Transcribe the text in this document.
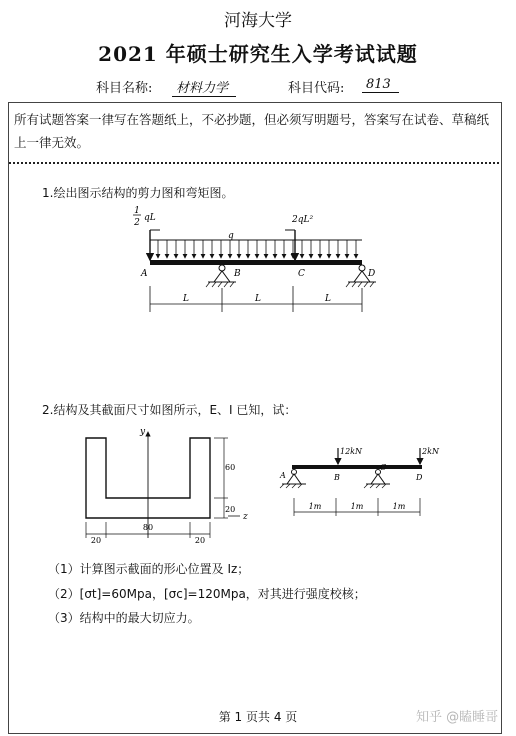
河海大学
2021 年硕士研究生入学考试试题
科目名称:	材料力学	科目代码:	813
所有试题答案一律写在答题纸上，不必抄题，但必须写明题号，答案写在试卷、草稿纸上一律无效。
1.绘出图示结构的剪力图和弯矩图。
1
2 qL	2qL²
q
A	B	C	D
L	L	L
2.结构及其截面尺寸如图所示，E、I 已知，试：
y
z
60
20
20
80
20
12kN	2kN
A	B
C
D
1m	1m	1m
（1）计算图示截面的形心位置及 Iz；
（2）[σt]=60Mpa，[σc]=120Mpa，对其进行强度校核；
（3）结构中的最大切应力。
第 1 页共 4 页	知乎 @瞌睡哥
